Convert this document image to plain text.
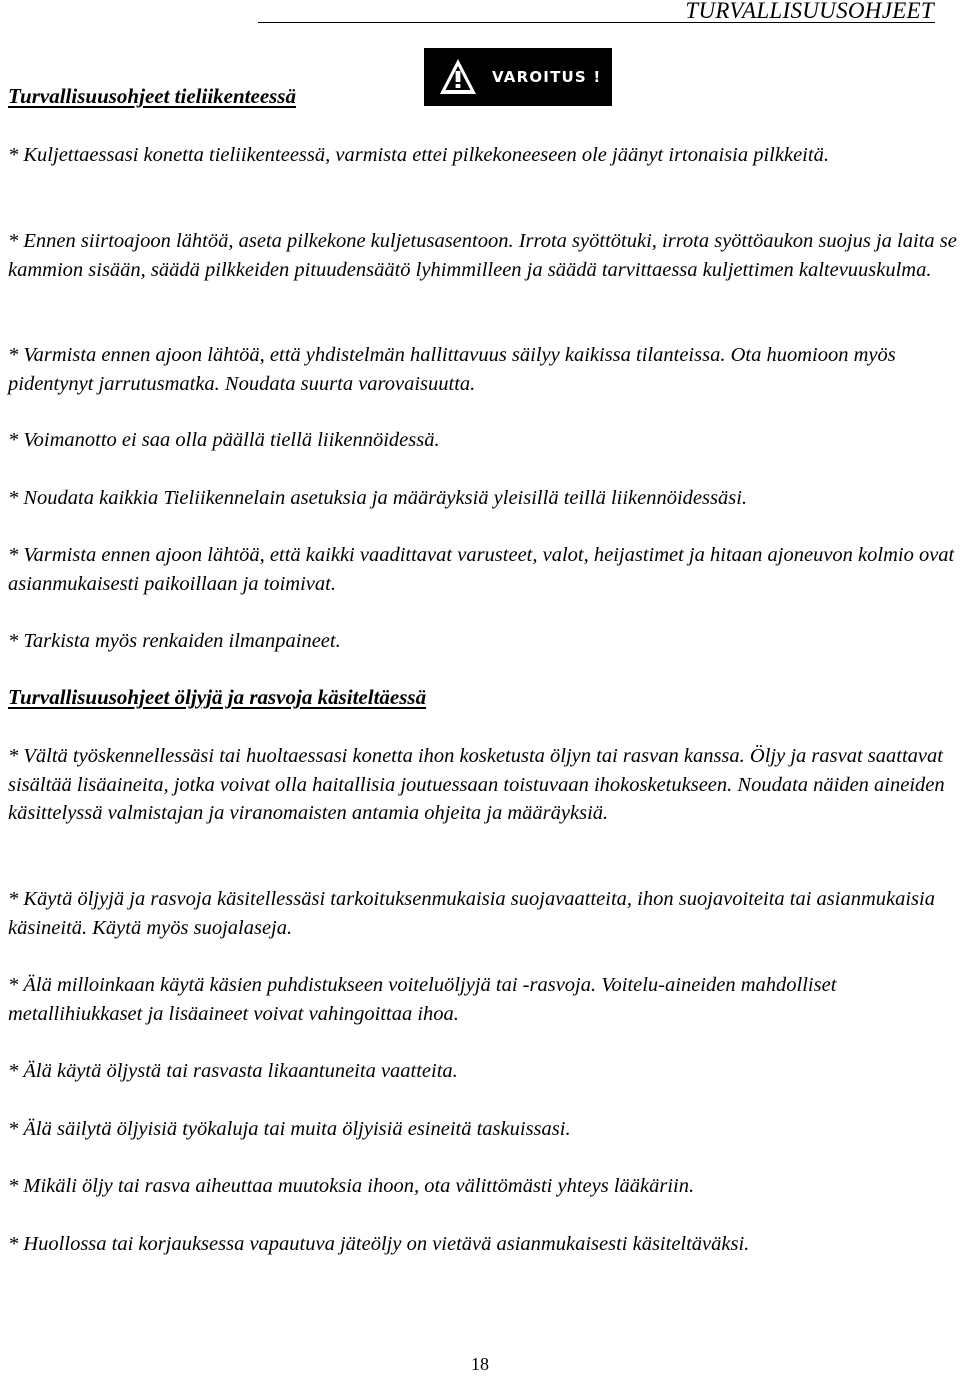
TURVALLISUUSOHJEET
VAROITUS !
Turvallisuusohjeet tieliikenteessä

* Kuljettaessasi konetta tieliikenteessä, varmista ettei pilkekoneeseen ole jäänyt irtonaisia pilkkeitä.

* Ennen siirtoajoon lähtöä, aseta pilkekone kuljetusasentoon. Irrota syöttötuki, irrota syöttöaukon suojus ja laita se kammion sisään, säädä pilkkeiden pituudensäätö lyhimmilleen ja säädä tarvittaessa kuljettimen kaltevuuskulma.

* Varmista ennen ajoon lähtöä, että yhdistelmän hallittavuus säilyy kaikissa tilanteissa. Ota huomioon myös pidentynyt jarrutusmatka. Noudata suurta varovaisuutta.

* Voimanotto ei saa olla päällä tiellä liikennöidessä.

* Noudata kaikkia Tieliikennelain asetuksia ja määräyksiä yleisillä teillä liikennöidessäsi.

* Varmista ennen ajoon lähtöä, että kaikki vaadittavat varusteet, valot, heijastimet ja hitaan ajoneuvon kolmio ovat asianmukaisesti paikoillaan ja toimivat.

* Tarkista myös renkaiden ilmanpaineet.

Turvallisuusohjeet öljyjä ja rasvoja käsiteltäessä

* Vältä työskennellessäsi tai huoltaessasi konetta ihon kosketusta öljyn tai rasvan kanssa. Öljy ja rasvat saattavat sisältää lisäaineita, jotka voivat olla haitallisia joutuessaan toistuvaan ihokosketukseen. Noudata näiden aineiden käsittelyssä valmistajan ja viranomaisten antamia ohjeita ja määräyksiä.

* Käytä öljyjä ja rasvoja käsitellessäsi tarkoituksenmukaisia suojavaatteita, ihon suojavoiteita tai asianmukaisia käsineitä. Käytä myös suojalaseja.

* Älä milloinkaan käytä käsien puhdistukseen voiteluöljyjä tai -rasvoja. Voitelu-aineiden mahdolliset metallihiukkaset ja lisäaineet voivat vahingoittaa ihoa.

* Älä käytä öljystä tai rasvasta likaantuneita vaatteita.

* Älä säilytä öljyisiä työkaluja tai muita öljyisiä esineitä taskuissasi.

* Mikäli öljy tai rasva aiheuttaa muutoksia ihoon, ota välittömästi yhteys lääkäriin.

* Huollossa tai korjauksessa vapautuva jäteöljy on vietävä asianmukaisesti käsiteltäväksi.

18
